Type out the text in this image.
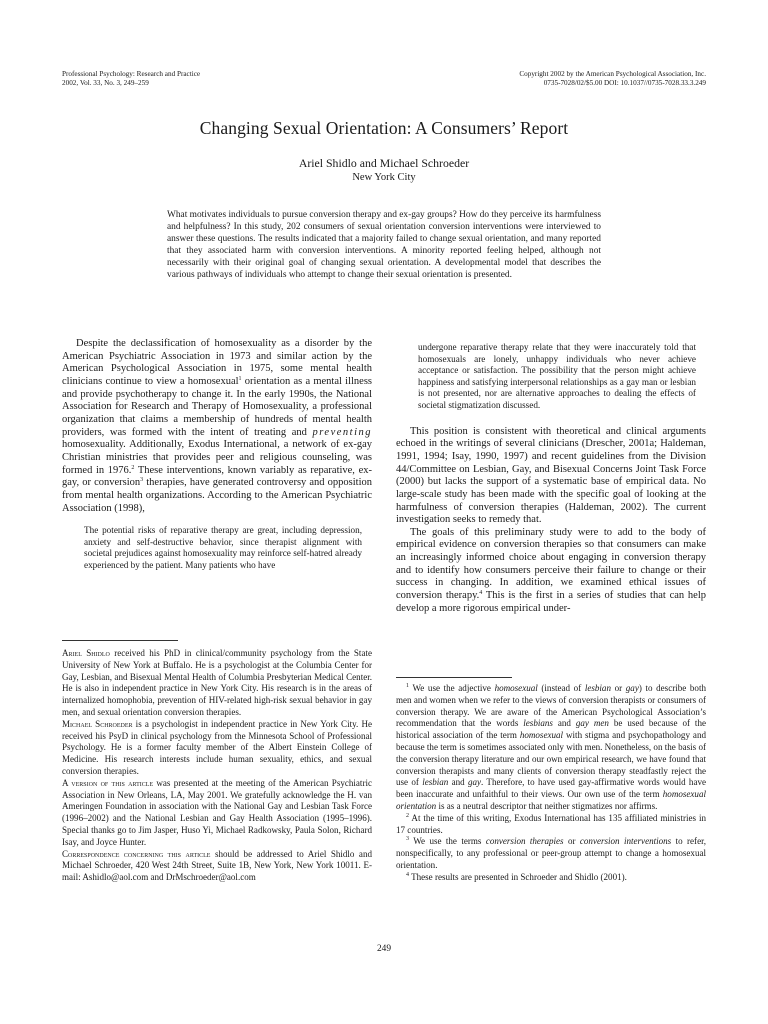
Professional Psychology: Research and Practice
2002, Vol. 33, No. 3, 249–259
Copyright 2002 by the American Psychological Association, Inc.
0735-7028/02/$5.00 DOI: 10.1037//0735-7028.33.3.249
Changing Sexual Orientation: A Consumers’ Report
Ariel Shidlo and Michael Schroeder
New York City
What motivates individuals to pursue conversion therapy and ex-gay groups? How do they perceive its harmfulness and helpfulness? In this study, 202 consumers of sexual orientation conversion interventions were interviewed to answer these questions. The results indicated that a majority failed to change sexual orientation, and many reported that they associated harm with conversion interventions. A minority reported feeling helped, although not necessarily with their original goal of changing sexual orientation. A developmental model that describes the various pathways of individuals who attempt to change their sexual orientation is presented.

Despite the declassification of homosexuality as a disorder by the American Psychiatric Association in 1973 and similar action by the American Psychological Association in 1975, some mental health clinicians continue to view a homosexual$^1$ orientation as a mental illness and provide psychotherapy to change it. In the early 1990s, the National Association for Research and Therapy of Homosexuality, a professional organization that claims a membership of hundreds of mental health providers, was formed with the intent of treating and preventing homosexuality. Additionally, Exodus International, a network of ex-gay Christian ministries that provides peer and religious counseling, was formed in 1976.$^2$ These interventions, known variably as reparative, ex-gay, or conversion$^3$ therapies, have generated controversy and opposition from mental health organizations. According to the American Psychiatric Association (1998),

The potential risks of reparative therapy are great, including depression, anxiety and self-destructive behavior, since therapist alignment with societal prejudices against homosexuality may reinforce self-hatred already experienced by the patient. Many patients who have
undergone reparative therapy relate that they were inaccurately told that homosexuals are lonely, unhappy individuals who never achieve acceptance or satisfaction. The possibility that the person might achieve happiness and satisfying interpersonal relationships as a gay man or lesbian is not presented, nor are alternative approaches to dealing the effects of societal stigmatization discussed.

This position is consistent with theoretical and clinical arguments echoed in the writings of several clinicians (Drescher, 2001a; Haldeman, 1991, 1994; Isay, 1990, 1997) and recent guidelines from the Division 44/Committee on Lesbian, Gay, and Bisexual Concerns Joint Task Force (2000) but lacks the support of a systematic base of empirical data. No large-scale study has been made with the specific goal of looking at the harmfulness of conversion therapies (Haldeman, 2002). The current investigation seeks to remedy that.

The goals of this preliminary study were to add to the body of empirical evidence on conversion therapies so that consumers can make an increasingly informed choice about engaging in conversion therapy and to identify how consumers perceive their failure to change or their success in changing. In addition, we examined ethical issues of conversion therapy.$^4$ This is the first in a series of studies that can help develop a more rigorous empirical under-

Ariel Shidlo received his PhD in clinical/community psychology from the State University of New York at Buffalo. He is a psychologist at the Columbia Center for Gay, Lesbian, and Bisexual Mental Health of Columbia Presbyterian Medical Center. He is also in independent practice in New York City. His research is in the areas of internalized homophobia, prevention of HIV-related high-risk sexual behavior in gay men, and sexual orientation conversion therapies.

Michael Schroeder is a psychologist in independent practice in New York City. He received his PsyD in clinical psychology from the Minnesota School of Professional Psychology. He is a former faculty member of the Albert Einstein College of Medicine. His research interests include human sexuality, ethics, and sexual conversion therapies.

A version of this article was presented at the meeting of the American Psychiatric Association in New Orleans, LA, May 2001. We gratefully acknowledge the H. van Ameringen Foundation in association with the National Gay and Lesbian Task Force (1996–2002) and the National Lesbian and Gay Health Association (1995–1996). Special thanks go to Jim Jasper, Huso Yi, Michael Radkowsky, Paula Solon, Richard Isay, and Joyce Hunter.

Correspondence concerning this article should be addressed to Ariel Shidlo and Michael Schroeder, 420 West 24th Street, Suite 1B, New York, New York 10011. E-mail: Ashidlo@aol.com and DrMschroeder@aol.com

$^1$ We use the adjective homosexual (instead of lesbian or gay) to describe both men and women when we refer to the views of conversion therapists or consumers of conversion therapy. We are aware of the American Psychological Association’s recommendation that the words lesbians and gay men be used because of the historical association of the term homosexual with stigma and psychopathology and because the term is sometimes associated only with men. Nonetheless, on the basis of the conversion therapy literature and our own empirical research, we have found that conversion therapists and many clients of conversion therapy steadfastly reject the use of lesbian and gay. Therefore, to have used gay-affirmative words would have been inaccurate and unfaithful to their views. Our own use of the term homosexual orientation is as a neutral descriptor that neither stigmatizes nor affirms.

$^2$ At the time of this writing, Exodus International has 135 affiliated ministries in 17 countries.

$^3$ We use the terms conversion therapies or conversion interventions to refer, nonspecifically, to any professional or peer-group attempt to change a homosexual orientation.

$^4$ These results are presented in Schroeder and Shidlo (2001).

249
